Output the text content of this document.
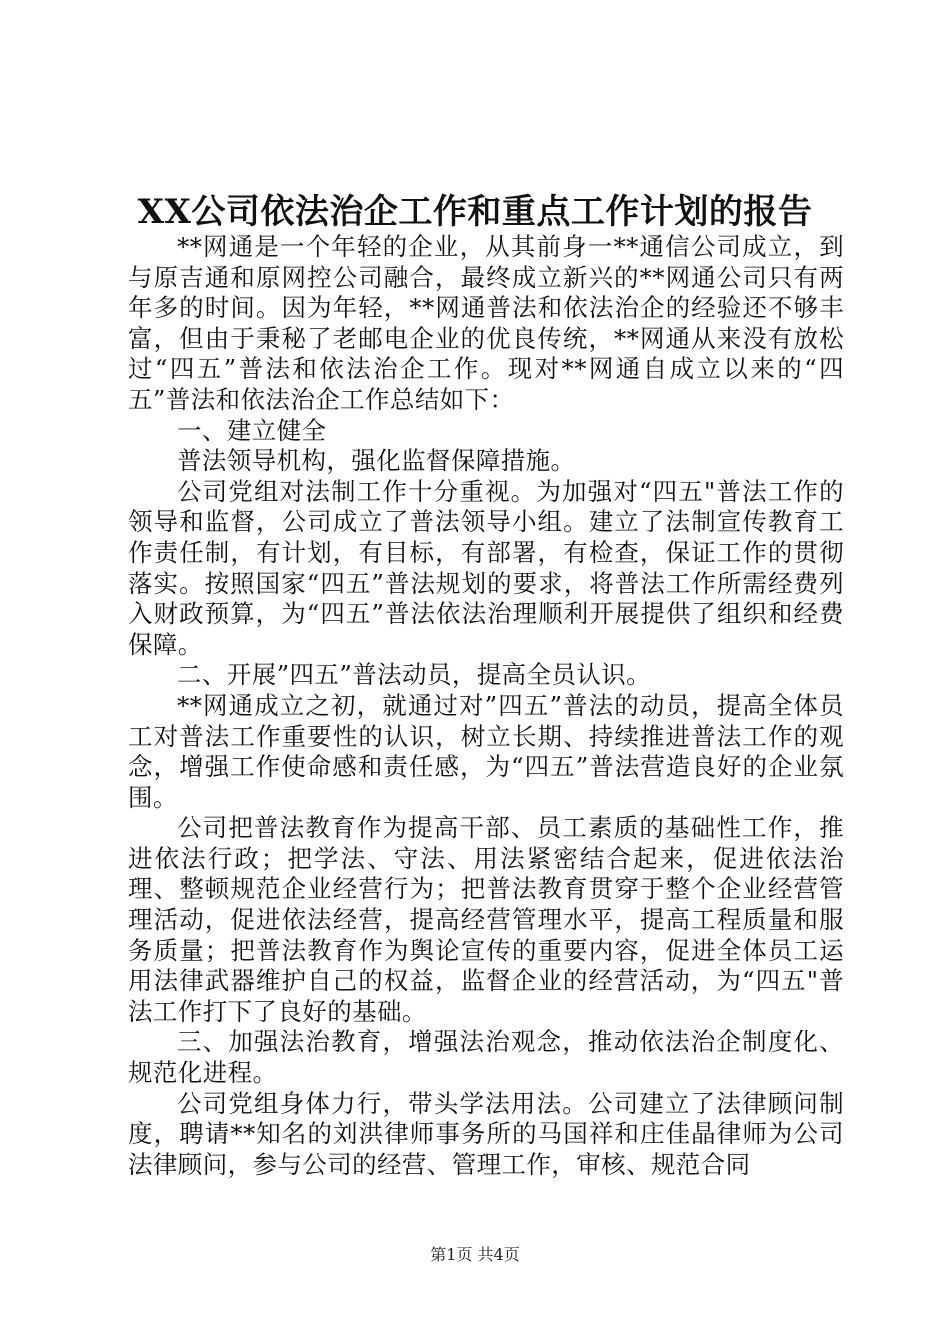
XX公司依法治企工作和重点工作计划的报告

**网通是一个年轻的企业，从其前身一**通信公司成立，到与原吉通和原网控公司融合，最终成立新兴的**网通公司只有两年多的时间。因为年轻，**网通普法和依法治企的经验还不够丰富，但由于秉秘了老邮电企业的优良传统，**网通从来没有放松过“四五”普法和依法治企工作。现对**网通自成立以来的“四五”普法和依法治企工作总结如下：

一、建立健全

普法领导机构，强化监督保障措施。

公司党组对法制工作十分重视。为加强对“四五"普法工作的领导和监督，公司成立了普法领导小组。建立了法制宣传教育工作责任制，有计划，有目标，有部署，有检查，保证工作的贯彻落实。按照国家“四五”普法规划的要求，将普法工作所需经费列入财政预算，为“四五”普法依法治理顺利开展提供了组织和经费保障。

二、开展”四五”普法动员，提高全员认识。

**网通成立之初，就通过对”四五”普法的动员，提高全体员工对普法工作重要性的认识，树立长期、持续推进普法工作的观念，增强工作使命感和责任感，为“四五”普法营造良好的企业氛围。

公司把普法教育作为提高干部、员工素质的基础性工作，推进依法行政；把学法、守法、用法紧密结合起来，促进依法治理、整顿规范企业经营行为；把普法教育贯穿于整个企业经营管理活动，促进依法经营，提高经营管理水平，提高工程质量和服务质量；把普法教育作为舆论宣传的重要内容，促进全体员工运用法律武器维护自己的权益，监督企业的经营活动，为“四五"普法工作打下了良好的基础。

三、加强法治教育，增强法治观念，推动依法治企制度化、规范化进程。

公司党组身体力行，带头学法用法。公司建立了法律顾问制度，聘请**知名的刘洪律师事务所的马国祥和庄佳晶律师为公司法律顾问，参与公司的经营、管理工作，审核、规范合同

第1页 共4页
